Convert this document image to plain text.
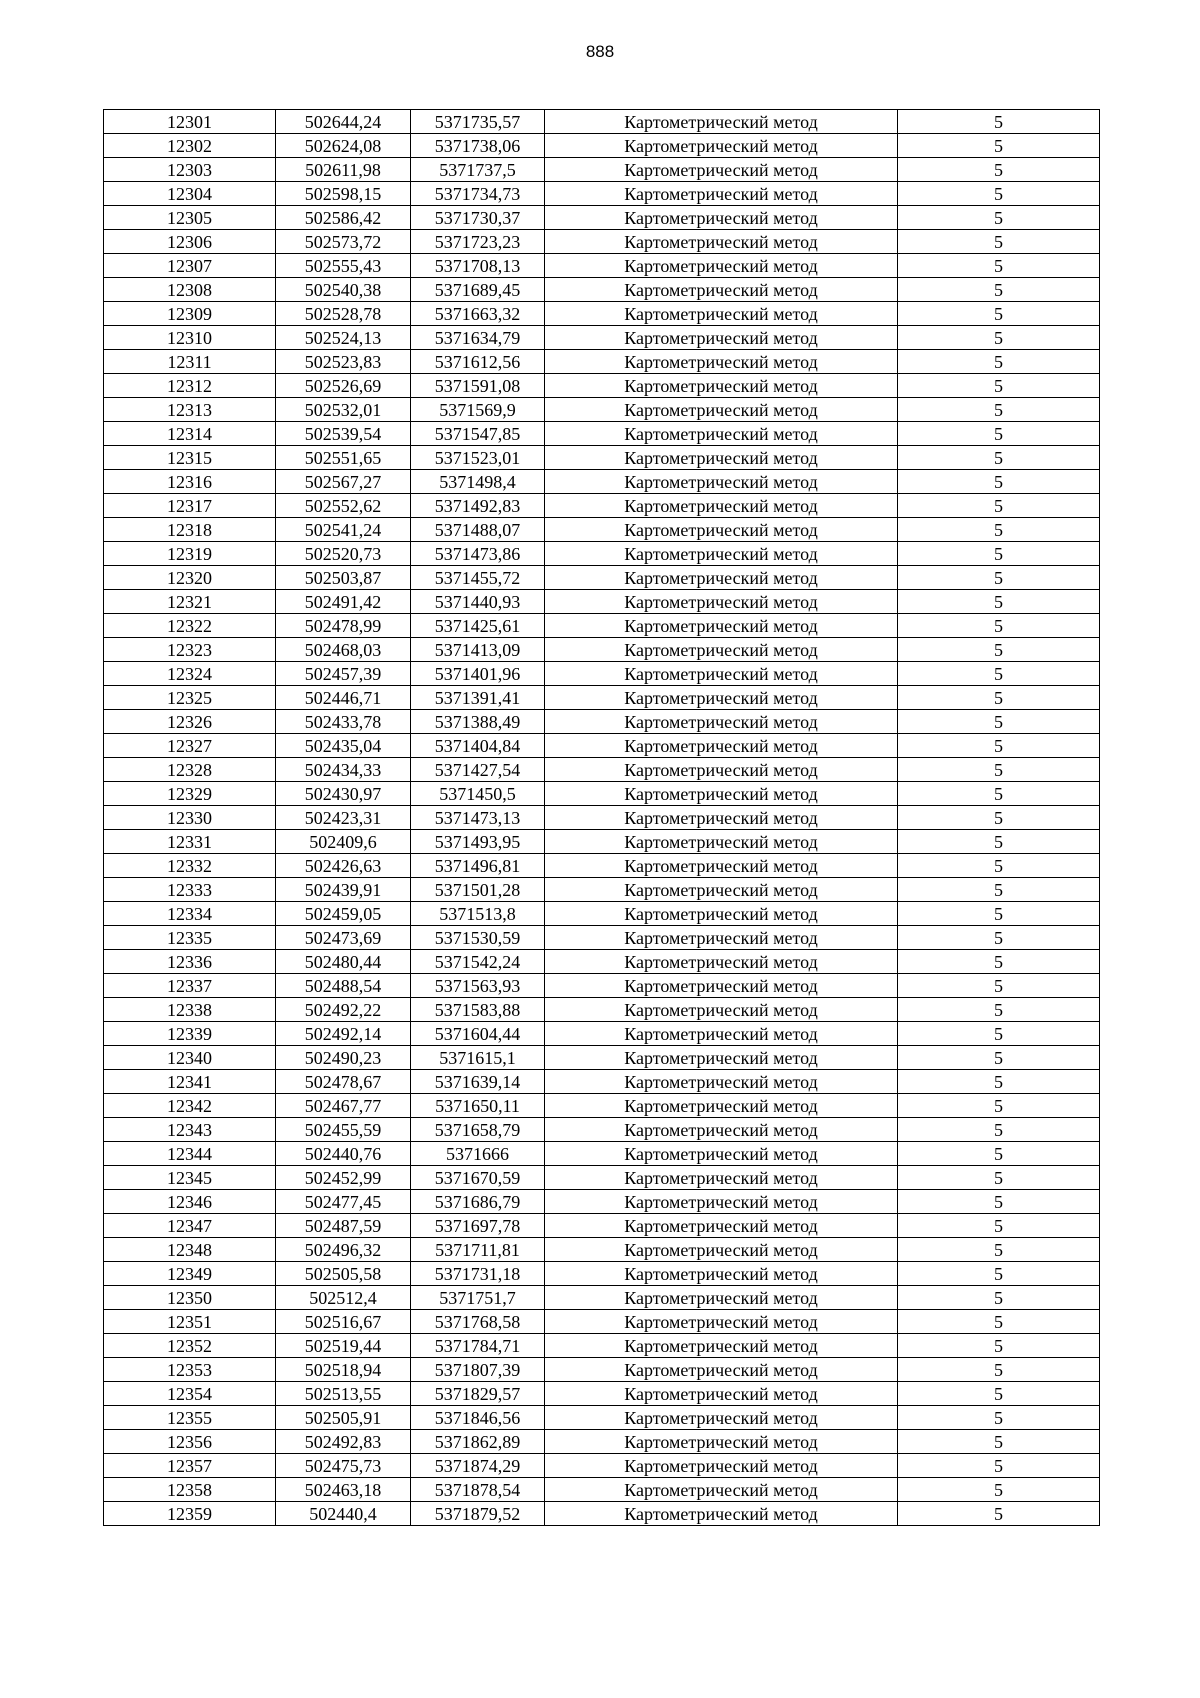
888
12301	502644,24	5371735,57	Картометрический метод	5
12302	502624,08	5371738,06	Картометрический метод	5
12303	502611,98	5371737,5	Картометрический метод	5
12304	502598,15	5371734,73	Картометрический метод	5
12305	502586,42	5371730,37	Картометрический метод	5
12306	502573,72	5371723,23	Картометрический метод	5
12307	502555,43	5371708,13	Картометрический метод	5
12308	502540,38	5371689,45	Картометрический метод	5
12309	502528,78	5371663,32	Картометрический метод	5
12310	502524,13	5371634,79	Картометрический метод	5
12311	502523,83	5371612,56	Картометрический метод	5
12312	502526,69	5371591,08	Картометрический метод	5
12313	502532,01	5371569,9	Картометрический метод	5
12314	502539,54	5371547,85	Картометрический метод	5
12315	502551,65	5371523,01	Картометрический метод	5
12316	502567,27	5371498,4	Картометрический метод	5
12317	502552,62	5371492,83	Картометрический метод	5
12318	502541,24	5371488,07	Картометрический метод	5
12319	502520,73	5371473,86	Картометрический метод	5
12320	502503,87	5371455,72	Картометрический метод	5
12321	502491,42	5371440,93	Картометрический метод	5
12322	502478,99	5371425,61	Картометрический метод	5
12323	502468,03	5371413,09	Картометрический метод	5
12324	502457,39	5371401,96	Картометрический метод	5
12325	502446,71	5371391,41	Картометрический метод	5
12326	502433,78	5371388,49	Картометрический метод	5
12327	502435,04	5371404,84	Картометрический метод	5
12328	502434,33	5371427,54	Картометрический метод	5
12329	502430,97	5371450,5	Картометрический метод	5
12330	502423,31	5371473,13	Картометрический метод	5
12331	502409,6	5371493,95	Картометрический метод	5
12332	502426,63	5371496,81	Картометрический метод	5
12333	502439,91	5371501,28	Картометрический метод	5
12334	502459,05	5371513,8	Картометрический метод	5
12335	502473,69	5371530,59	Картометрический метод	5
12336	502480,44	5371542,24	Картометрический метод	5
12337	502488,54	5371563,93	Картометрический метод	5
12338	502492,22	5371583,88	Картометрический метод	5
12339	502492,14	5371604,44	Картометрический метод	5
12340	502490,23	5371615,1	Картометрический метод	5
12341	502478,67	5371639,14	Картометрический метод	5
12342	502467,77	5371650,11	Картометрический метод	5
12343	502455,59	5371658,79	Картометрический метод	5
12344	502440,76	5371666	Картометрический метод	5
12345	502452,99	5371670,59	Картометрический метод	5
12346	502477,45	5371686,79	Картометрический метод	5
12347	502487,59	5371697,78	Картометрический метод	5
12348	502496,32	5371711,81	Картометрический метод	5
12349	502505,58	5371731,18	Картометрический метод	5
12350	502512,4	5371751,7	Картометрический метод	5
12351	502516,67	5371768,58	Картометрический метод	5
12352	502519,44	5371784,71	Картометрический метод	5
12353	502518,94	5371807,39	Картометрический метод	5
12354	502513,55	5371829,57	Картометрический метод	5
12355	502505,91	5371846,56	Картометрический метод	5
12356	502492,83	5371862,89	Картометрический метод	5
12357	502475,73	5371874,29	Картометрический метод	5
12358	502463,18	5371878,54	Картометрический метод	5
12359	502440,4	5371879,52	Картометрический метод	5
